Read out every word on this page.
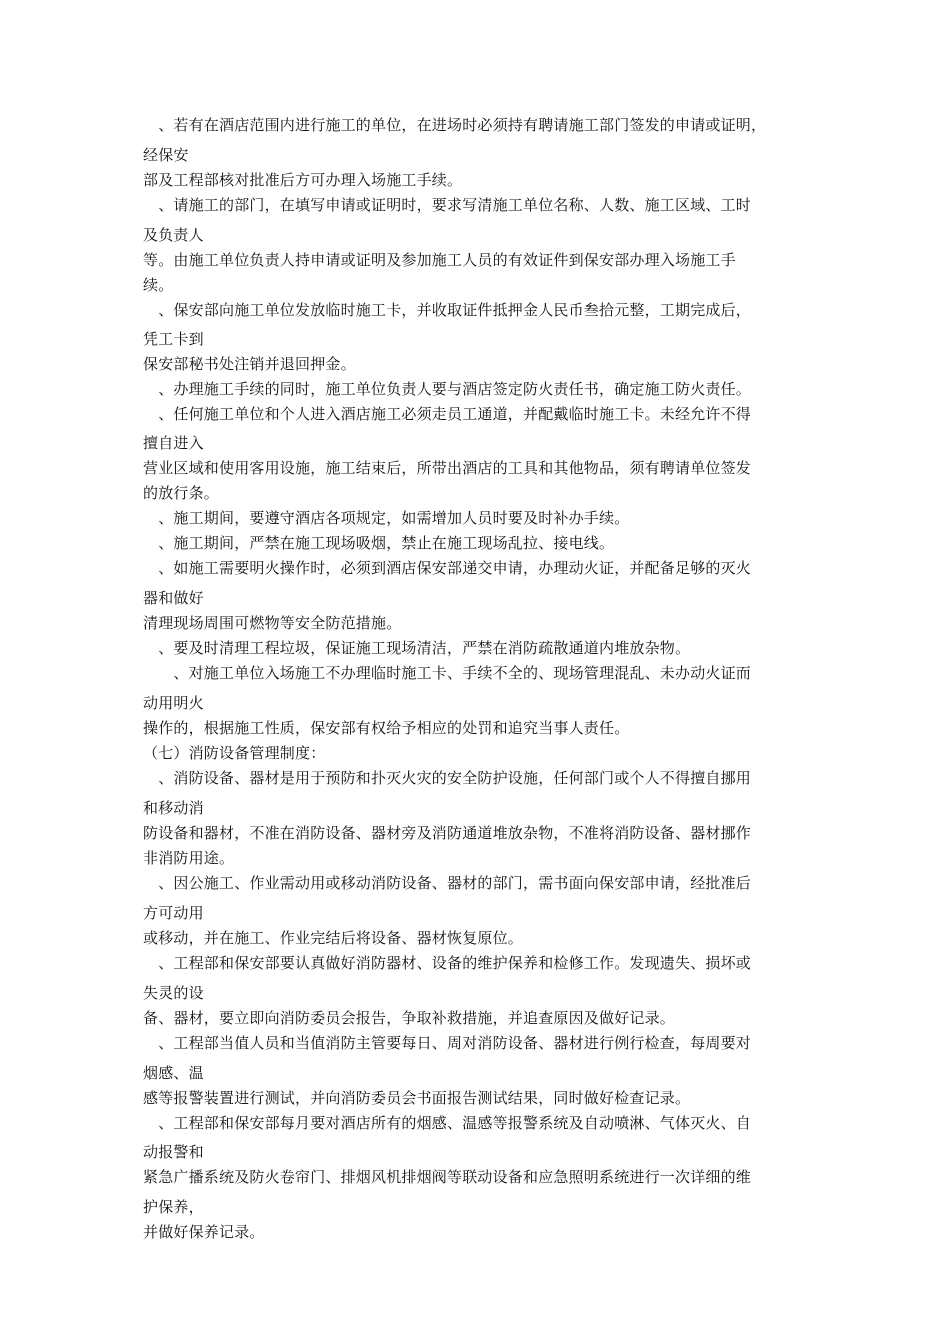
　、若有在酒店范围内进行施工的单位，在进场时必须持有聘请施工部门签发的申请或证明，
经保安
部及工程部核对批准后方可办理入场施工手续。
　、请施工的部门，在填写申请或证明时，要求写清施工单位名称、人数、施工区域、工时
及负责人
等。由施工单位负责人持申请或证明及参加施工人员的有效证件到保安部办理入场施工手
续。
　、保安部向施工单位发放临时施工卡，并收取证件抵押金人民币叁拾元整，工期完成后，
凭工卡到
保安部秘书处注销并退回押金。
　、办理施工手续的同时，施工单位负责人要与酒店签定防火责任书，确定施工防火责任。
　、任何施工单位和个人进入酒店施工必须走员工通道，并配戴临时施工卡。未经允许不得
擅自进入
营业区域和使用客用设施，施工结束后，所带出酒店的工具和其他物品，须有聘请单位签发
的放行条。
　、施工期间，要遵守酒店各项规定，如需增加人员时要及时补办手续。
　、施工期间，严禁在施工现场吸烟，禁止在施工现场乱拉、接电线。
　、如施工需要明火操作时，必须到酒店保安部递交申请，办理动火证，并配备足够的灭火
器和做好
清理现场周围可燃物等安全防范措施。
　、要及时清理工程垃圾，保证施工现场清洁，严禁在消防疏散通道内堆放杂物。
　　、对施工单位入场施工不办理临时施工卡、手续不全的、现场管理混乱、未办动火证而
动用明火
操作的，根据施工性质，保安部有权给予相应的处罚和追究当事人责任。
（七）消防设备管理制度：
　、消防设备、器材是用于预防和扑灭火灾的安全防护设施，任何部门或个人不得擅自挪用
和移动消
防设备和器材，不准在消防设备、器材旁及消防通道堆放杂物，不准将消防设备、器材挪作
非消防用途。
　、因公施工、作业需动用或移动消防设备、器材的部门，需书面向保安部申请，经批准后
方可动用
或移动，并在施工、作业完结后将设备、器材恢复原位。
　、工程部和保安部要认真做好消防器材、设备的维护保养和检修工作。发现遗失、损坏或
失灵的设
备、器材，要立即向消防委员会报告，争取补救措施，并追查原因及做好记录。
　、工程部当值人员和当值消防主管要每日、周对消防设备、器材进行例行检查，每周要对
烟感、温
感等报警装置进行测试，并向消防委员会书面报告测试结果，同时做好检查记录。
　、工程部和保安部每月要对酒店所有的烟感、温感等报警系统及自动喷淋、气体灭火、自
动报警和
紧急广播系统及防火卷帘门、排烟风机排烟阀等联动设备和应急照明系统进行一次详细的维
护保养，
并做好保养记录。
